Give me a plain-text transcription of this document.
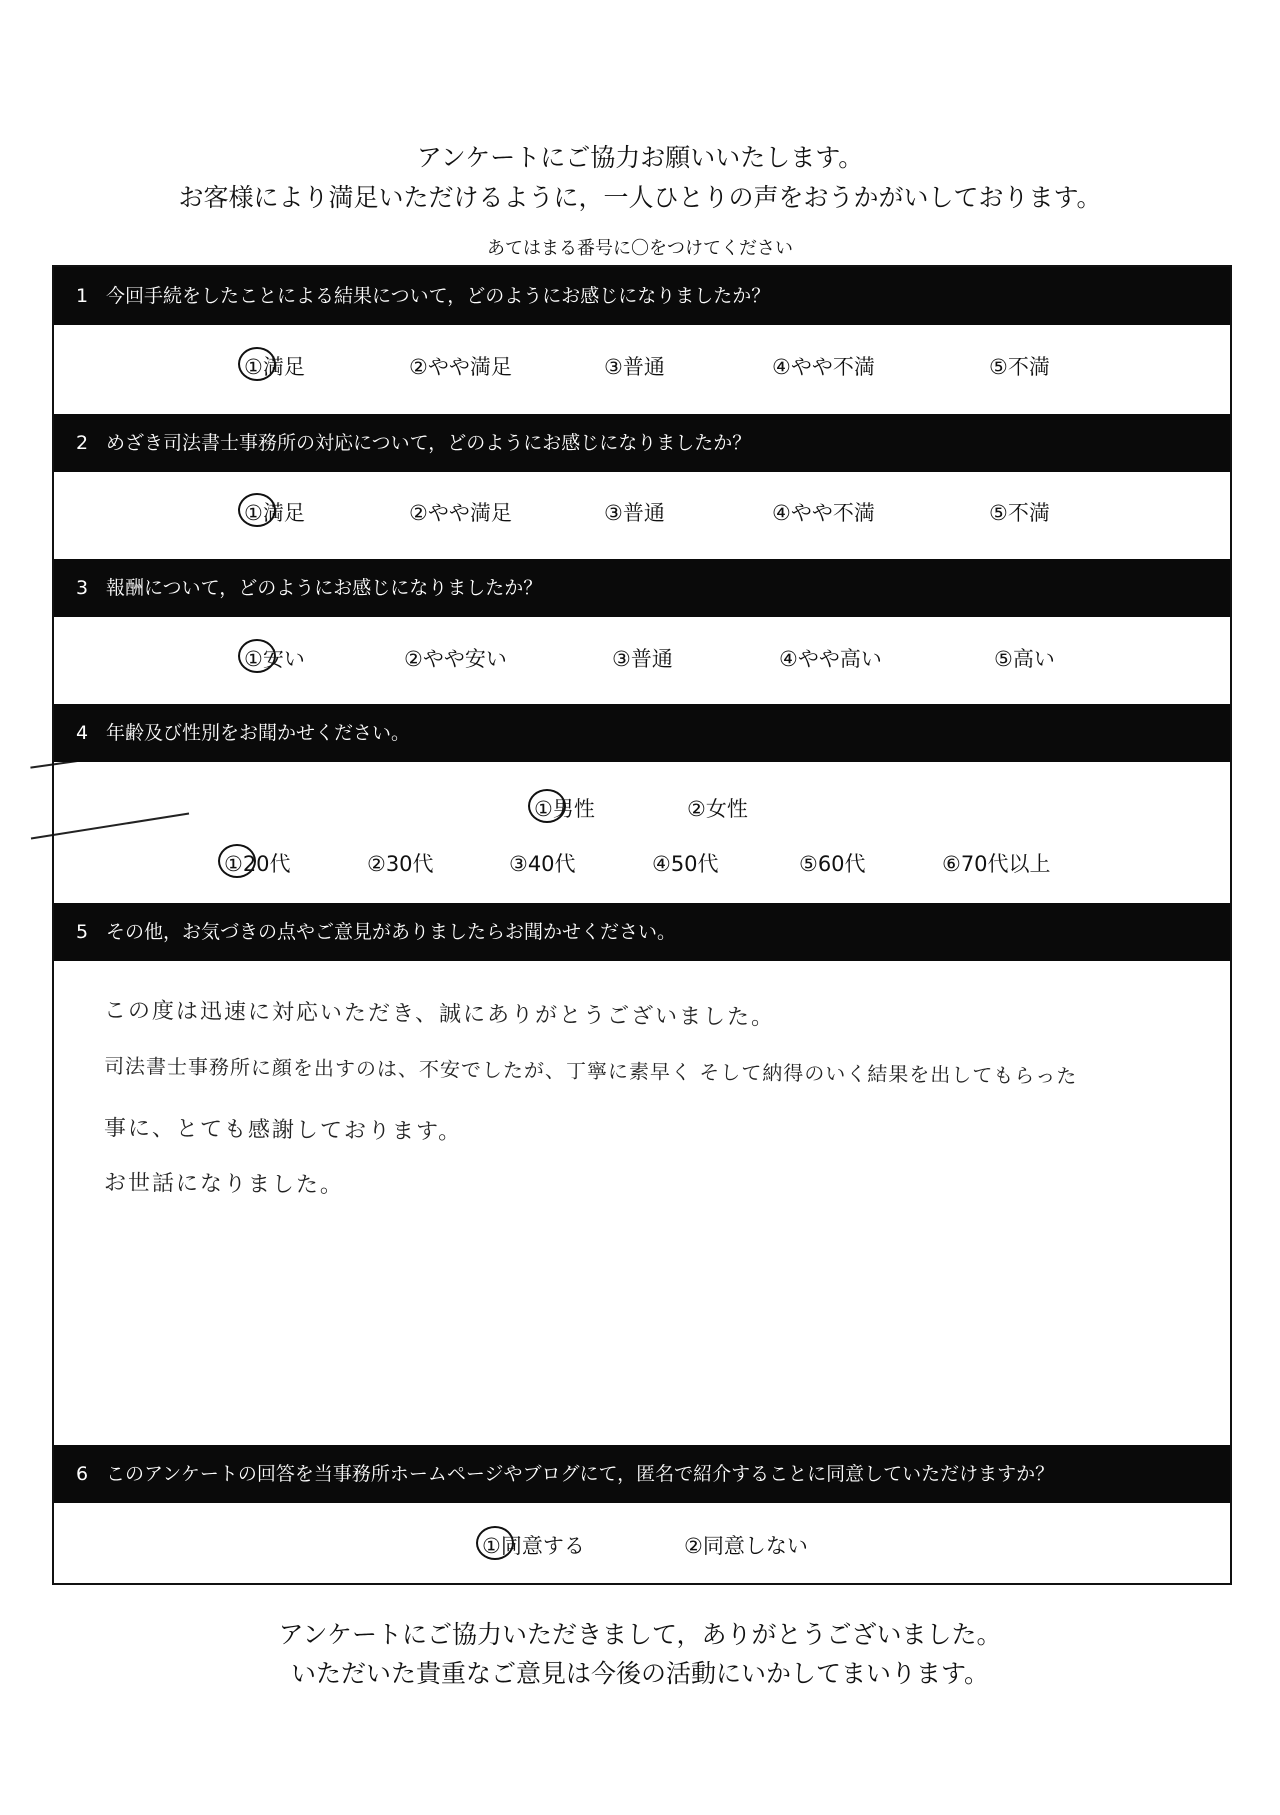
アンケートにご協力お願いいたします。
お客様により満足いただけるように，一人ひとりの声をおうかがいしております。
あてはまる番号に〇をつけてください
1 今回手続をしたことによる結果について，どのようにお感じになりましたか？
①満足	②やや満足	③普通	④やや不満	⑤不満
2 めざき司法書士事務所の対応について，どのようにお感じになりましたか？
①満足	②やや満足	③普通	④やや不満	⑤不満
3 報酬について，どのようにお感じになりましたか？
①安い	②やや安い	③普通	④やや高い	⑤高い
4 年齢及び性別をお聞かせください。
①男性	②女性
①20代	②30代	③40代	④50代	⑤60代	⑥70代以上
5 その他，お気づきの点やご意見がありましたらお聞かせください。
この度は迅速に対応いただき、誠にありがとうございました。
司法書士事務所に顔を出すのは、不安でしたが、丁寧に素早く そして納得のいく結果を出してもらった
事に、とても感謝しております。
お世話になりました。
6 このアンケートの回答を当事務所ホームページやブログにて，匿名で紹介することに同意していただけますか？
①同意する	②同意しない
アンケートにご協力いただきまして，ありがとうございました。
いただいた貴重なご意見は今後の活動にいかしてまいります。
